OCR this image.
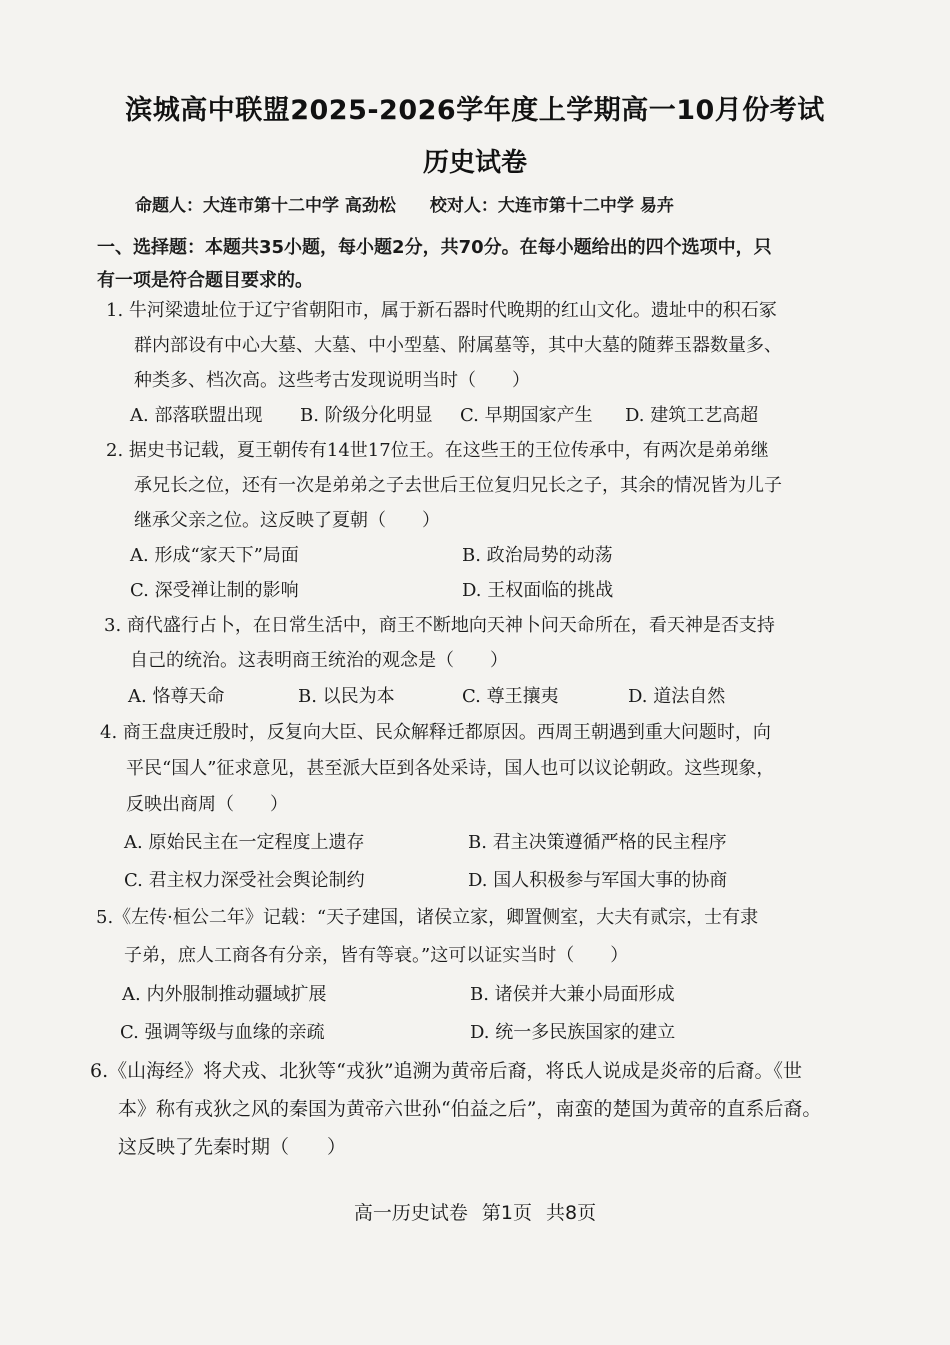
滨城高中联盟2025-2026学年度上学期高一10月份考试
历史试卷
命题人：大连市第十二中学 高劲松 校对人：大连市第十二中学 易卉
一、选择题：本题共35小题，每小题2分，共70分。在每小题给出的四个选项中，只
有一项是符合题目要求的。
1. 牛河梁遗址位于辽宁省朝阳市，属于新石器时代晚期的红山文化。遗址中的积石冢
群内部设有中心大墓、大墓、中小型墓、附属墓等，其中大墓的随葬玉器数量多、
种类多、档次高。这些考古发现说明当时（　　）
A. 部落联盟出现 B. 阶级分化明显 C. 早期国家产生 D. 建筑工艺高超
2. 据史书记载，夏王朝传有14世17位王。在这些王的王位传承中，有两次是弟弟继
承兄长之位，还有一次是弟弟之子去世后王位复归兄长之子，其余的情况皆为儿子
继承父亲之位。这反映了夏朝（　　）
A. 形成“家天下”局面	B. 政治局势的动荡
C. 深受禅让制的影响	D. 王权面临的挑战
3. 商代盛行占卜，在日常生活中，商王不断地向天神卜问天命所在，看天神是否支持
自己的统治。这表明商王统治的观念是（　　）
A. 恪尊天命	B. 以民为本	C. 尊王攘夷	D. 道法自然
4. 商王盘庚迁殷时，反复向大臣、民众解释迁都原因。西周王朝遇到重大问题时，向
平民“国人”征求意见，甚至派大臣到各处采诗，国人也可以议论朝政。这些现象，
反映出商周（　　）
A. 原始民主在一定程度上遗存	B. 君主决策遵循严格的民主程序
C. 君主权力深受社会舆论制约	D. 国人积极参与军国大事的协商
5.《左传·桓公二年》记载：“天子建国，诸侯立家，卿置侧室，大夫有贰宗，士有隶
子弟，庶人工商各有分亲，皆有等衰。”这可以证实当时（　　）
A. 内外服制推动疆域扩展	B. 诸侯并大兼小局面形成
C. 强调等级与血缘的亲疏	D. 统一多民族国家的建立
6.《山海经》将犬戎、北狄等“戎狄”追溯为黄帝后裔，将氐人说成是炎帝的后裔。《世
本》称有戎狄之风的秦国为黄帝六世孙“伯益之后”，南蛮的楚国为黄帝的直系后裔。
这反映了先秦时期（　　）
高一历史试卷 第1页 共8页
